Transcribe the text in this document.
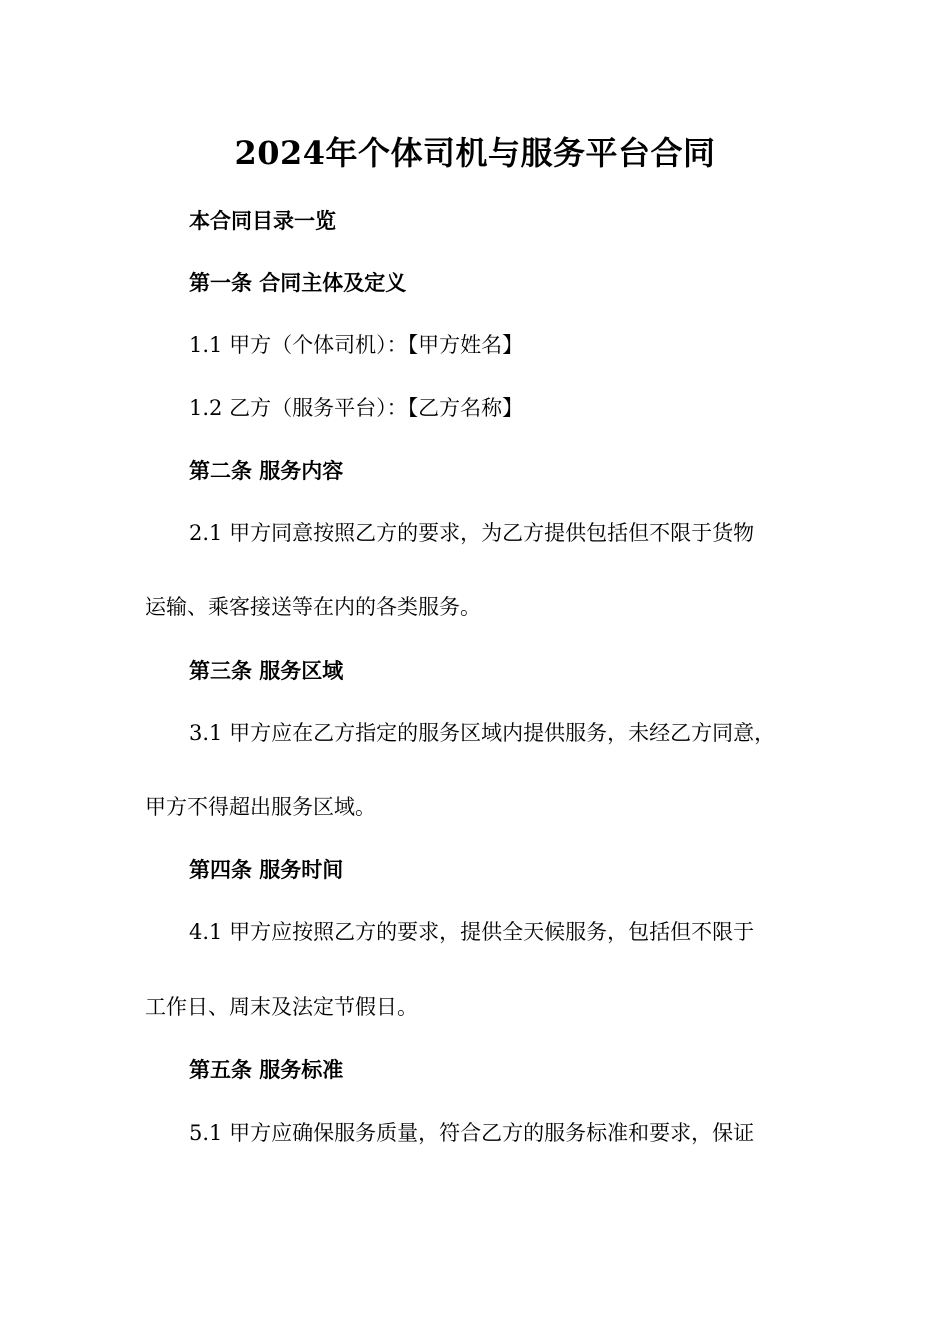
2024年个体司机与服务平台合同
本合同目录一览
第一条 合同主体及定义
1.1 甲方（个体司机）：【甲方姓名】
1.2 乙方（服务平台）：【乙方名称】
第二条 服务内容
2.1 甲方同意按照乙方的要求，为乙方提供包括但不限于货物
运输、乘客接送等在内的各类服务。
第三条 服务区域
3.1 甲方应在乙方指定的服务区域内提供服务，未经乙方同意，
甲方不得超出服务区域。
第四条 服务时间
4.1 甲方应按照乙方的要求，提供全天候服务，包括但不限于
工作日、周末及法定节假日。
第五条 服务标准
5.1 甲方应确保服务质量，符合乙方的服务标准和要求，保证
